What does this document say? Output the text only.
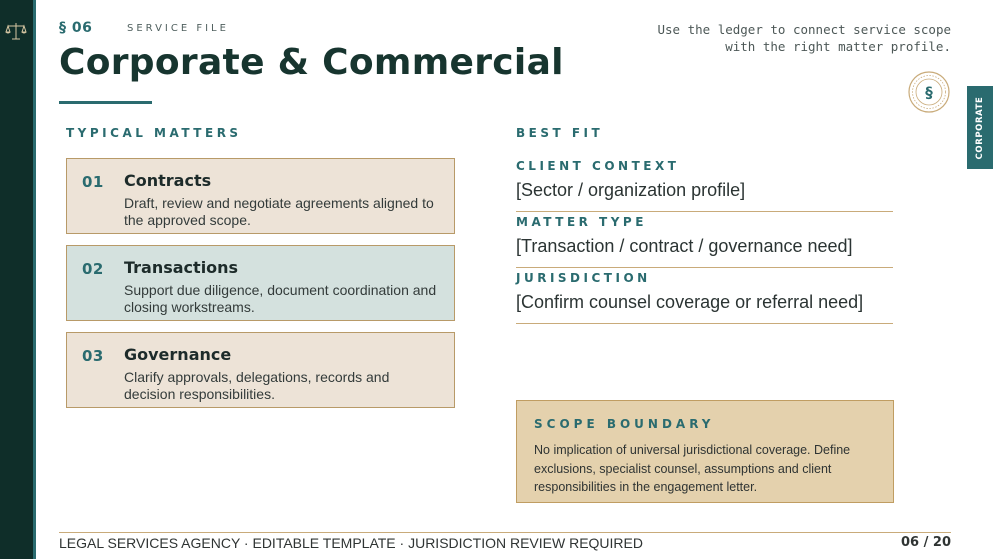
§ 06	SERVICE FILE
Corporate & Commercial
Use the ledger to connect service scope with the right matter profile.
§
CORPORATE
TYPICAL MATTERS
01 Contracts
Draft, review and negotiate agreements aligned to the approved scope.
02 Transactions
Support due diligence, document coordination and closing workstreams.
03 Governance
Clarify approvals, delegations, records and decision responsibilities.
BEST FIT
CLIENT CONTEXT
[Sector / organization profile]
MATTER TYPE
[Transaction / contract / governance need]
JURISDICTION
[Confirm counsel coverage or referral need]
SCOPE BOUNDARY
No implication of universal jurisdictional coverage. Define exclusions, specialist counsel, assumptions and client responsibilities in the engagement letter.
LEGAL SERVICES AGENCY · EDITABLE TEMPLATE · JURISDICTION REVIEW REQUIRED	06 / 20
